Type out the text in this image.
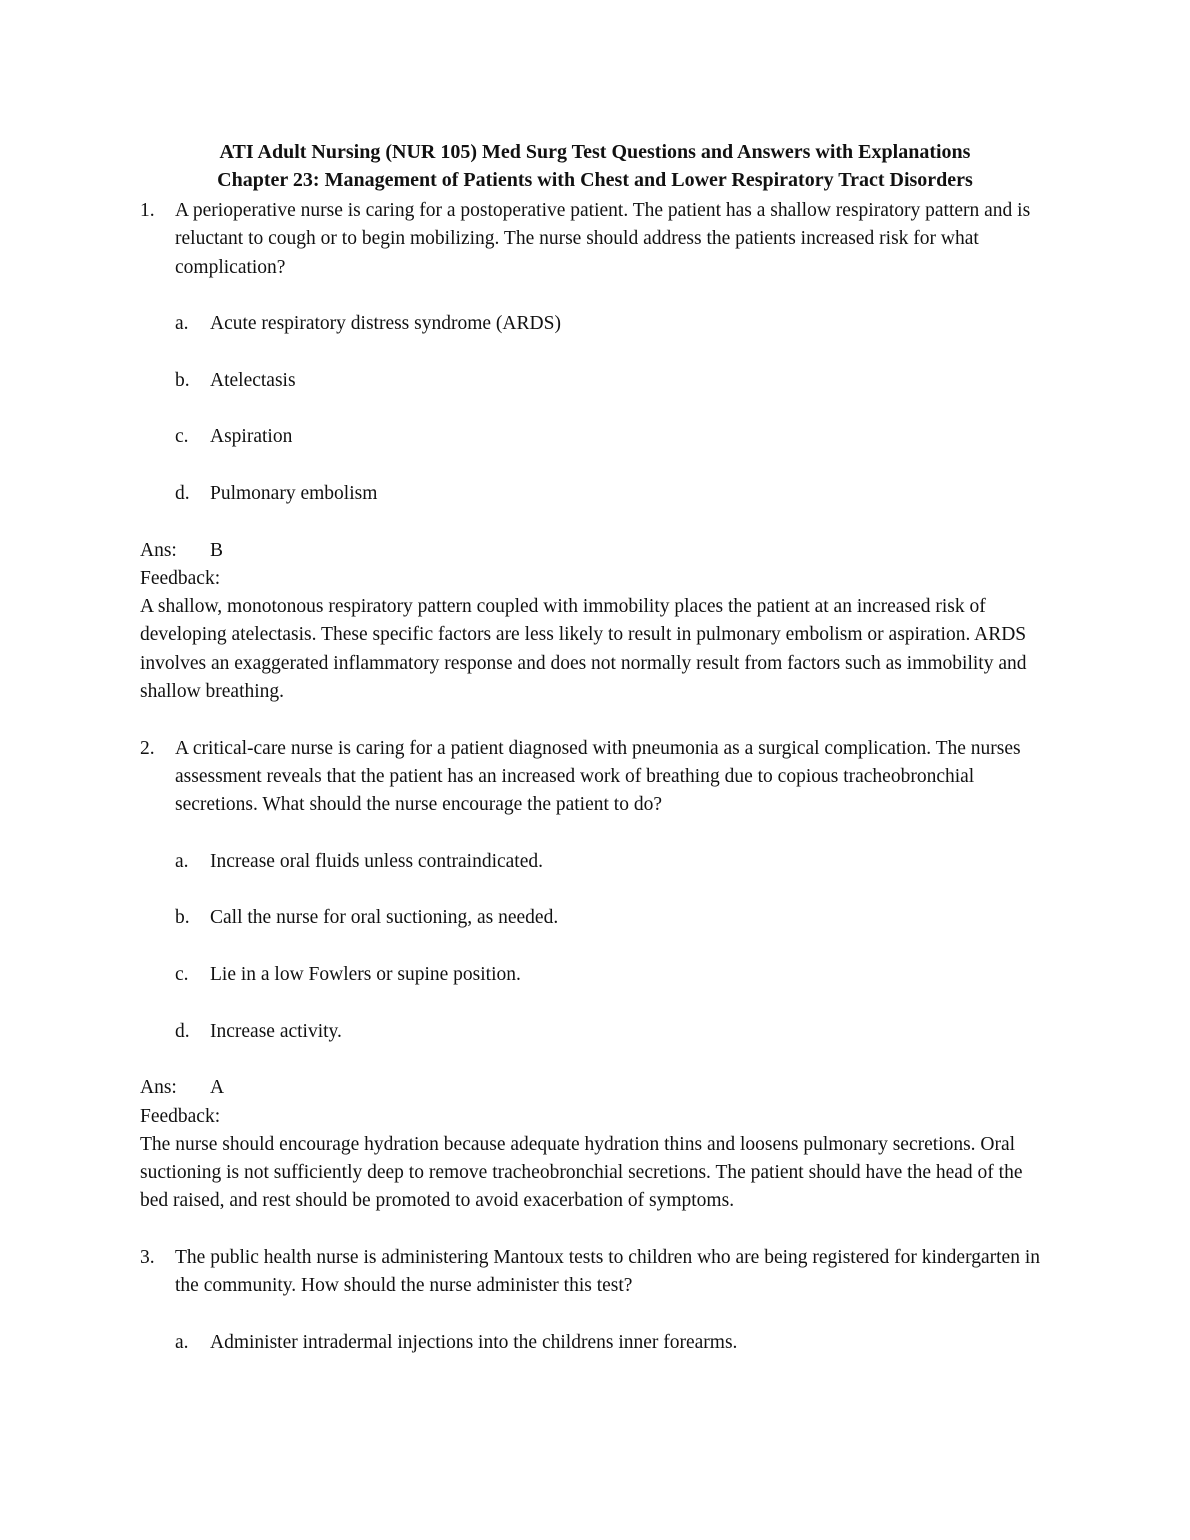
ATI Adult Nursing (NUR 105) Med Surg Test Questions and Answers with Explanations
Chapter 23: Management of Patients with Chest and Lower Respiratory Tract Disorders
1.	A perioperative nurse is caring for a postoperative patient. The patient has a shallow respiratory pattern and is reluctant to cough or to begin mobilizing. The nurse should address the patients increased risk for what complication?
a.	Acute respiratory distress syndrome (ARDS)
b.	Atelectasis
c.	Aspiration
d.	Pulmonary embolism
Ans:	B
Feedback:
A shallow, monotonous respiratory pattern coupled with immobility places the patient at an increased risk of developing atelectasis. These specific factors are less likely to result in pulmonary embolism or aspiration. ARDS involves an exaggerated inflammatory response and does not normally result from factors such as immobility and shallow breathing.
2.	A critical-care nurse is caring for a patient diagnosed with pneumonia as a surgical complication. The nurses assessment reveals that the patient has an increased work of breathing due to copious tracheobronchial secretions. What should the nurse encourage the patient to do?
a.	Increase oral fluids unless contraindicated.
b.	Call the nurse for oral suctioning, as needed.
c.	Lie in a low Fowlers or supine position.
d.	Increase activity.
Ans:	A
Feedback:
The nurse should encourage hydration because adequate hydration thins and loosens pulmonary secretions. Oral suctioning is not sufficiently deep to remove tracheobronchial secretions. The patient should have the head of the bed raised, and rest should be promoted to avoid exacerbation of symptoms.
3.	The public health nurse is administering Mantoux tests to children who are being registered for kindergarten in the community. How should the nurse administer this test?
a.	Administer intradermal injections into the childrens inner forearms.
